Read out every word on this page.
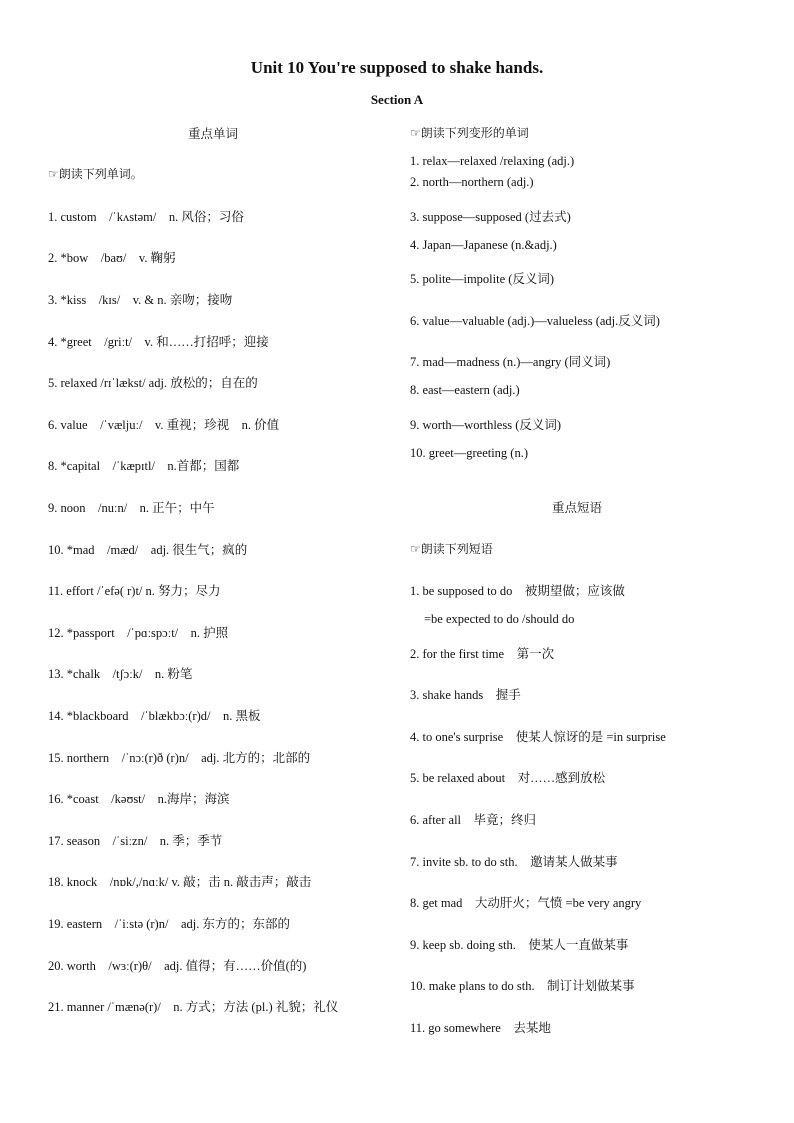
Unit 10 You're supposed to shake hands.
Section A
重点单词
☞朗读下列单词。
1. custom　/ˈkʌstəm/　n. 风俗；习俗
2. *bow　/baʊ/　v. 鞠躬
3. *kiss　/kɪs/　v. & n. 亲吻；接吻
4. *greet　/griːt/　v. 和……打招呼；迎接
5. relaxed /rɪˈlækst/ adj. 放松的；自在的
6. value　/ˈvæljuː/　v. 重视；珍视　n. 价值
8. *capital　/ˈkæpɪtl/　n.首都；国都
9. noon　/nuːn/　n. 正午；中午
10. *mad　/mæd/　adj. 很生气；疯的
11. effort /ˈefə( r)t/ n. 努力；尽力
12. *passport　/ˈpɑːspɔːt/　n. 护照
13. *chalk　/tʃɔːk/　n. 粉笔
14. *blackboard　/ˈblækbɔː(r)d/　n. 黑板
15. northern　/ˈnɔː(r)ð (r)n/　adj. 北方的；北部的
16. *coast　/kəʊst/　n.海岸；海滨
17. season　/ˈsiːzn/　n. 季；季节
18. knock　/nɒk/,/nɑːk/ v. 敲；击 n. 敲击声；敲击
19. eastern　/ˈiːstə (r)n/　adj. 东方的；东部的
20. worth　/wɜː(r)θ/　adj. 值得；有……价值(的)
21. manner /ˈmænə(r)/　n. 方式；方法 (pl.) 礼貌；礼仪
☞朗读下列变形的单词
1. relax—relaxed /relaxing (adj.)
2. north—northern (adj.)
3. suppose—supposed (过去式)
4. Japan—Japanese (n.&adj.)
5. polite—impolite (反义词)
6. value—valuable (adj.)—valueless (adj.反义词)
7. mad—madness (n.)—angry (同义词)
8. east—eastern (adj.)
9. worth—worthless (反义词)
10. greet—greeting (n.)
重点短语
☞朗读下列短语
1. be supposed to do　被期望做；应该做
=be expected to do /should do
2. for the first time　第一次
3. shake hands　握手
4. to one's surprise　使某人惊讶的是 =in surprise
5. be relaxed about　对……感到放松
6. after all　毕竟；终归
7. invite sb. to do sth.　邀请某人做某事
8. get mad　大动肝火；气愤 =be very angry
9. keep sb. doing sth.　使某人一直做某事
10. make plans to do sth.　制订计划做某事
11. go somewhere　去某地
